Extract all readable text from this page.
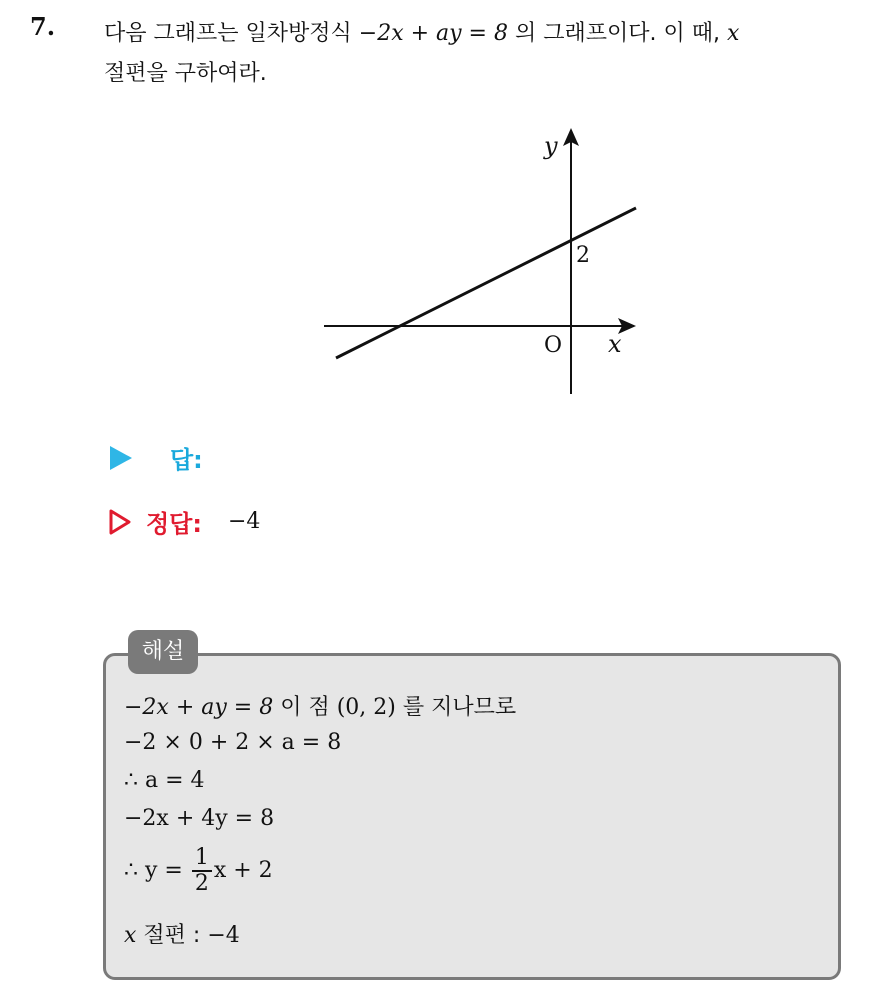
7. 다음 그래프는 일차방정식 −2x + ay = 8 의 그래프이다. 이 때, x
절편을 구하여라.
y
x
O
2
답:
정답: −4
해설
−2x + ay = 8 이 점 (0, 2) 를 지나므로
−2 × 0 + 2 × a = 8
∴ a = 4
−2x + 4y = 8
∴ $y = \frac{1}{2}$ x + 2
x 절편 : −4
